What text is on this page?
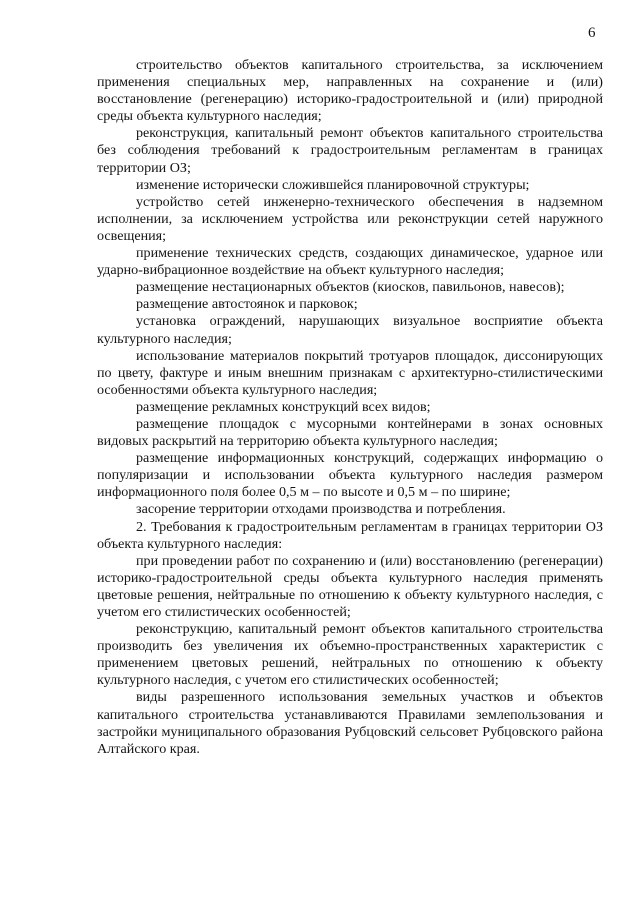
6

строительство объектов капитального строительства, за исключением применения специальных мер, направленных на сохранение и (или) восстановление (регенерацию) историко-градостроительной и (или) природной среды объекта культурного наследия;

реконструкция, капитальный ремонт объектов капитального строительства без соблюдения требований к градостроительным регламентам в границах территории ОЗ;

изменение исторически сложившейся планировочной структуры;

устройство сетей инженерно-технического обеспечения в надземном исполнении, за исключением устройства или реконструкции сетей наружного освещения;

применение технических средств, создающих динамическое, ударное или ударно-вибрационное воздействие на объект культурного наследия;

размещение нестационарных объектов (киосков, павильонов, навесов);

размещение автостоянок и парковок;

установка ограждений, нарушающих визуальное восприятие объекта культурного наследия;

использование материалов покрытий тротуаров площадок, диссонирующих по цвету, фактуре и иным внешним признакам с архитектурно-стилистическими особенностями объекта культурного наследия;

размещение рекламных конструкций всех видов;

размещение площадок с мусорными контейнерами в зонах основных видовых раскрытий на территорию объекта культурного наследия;

размещение информационных конструкций, содержащих информацию о популяризации и использовании объекта культурного наследия размером информационного поля более 0,5 м – по высоте и 0,5 м – по ширине;

засорение территории отходами производства и потребления.

2. Требования к градостроительным регламентам в границах территории ОЗ объекта культурного наследия:

при проведении работ по сохранению и (или) восстановлению (регенерации) историко-градостроительной среды объекта культурного наследия применять цветовые решения, нейтральные по отношению к объекту культурного наследия, с учетом его стилистических особенностей;

реконструкцию, капитальный ремонт объектов капитального строительства производить без увеличения их объемно-пространственных характеристик с применением цветовых решений, нейтральных по отношению к объекту культурного наследия, с учетом его стилистических особенностей;

виды разрешенного использования земельных участков и объектов капитального строительства устанавливаются Правилами землепользования и застройки муниципального образования Рубцовский сельсовет Рубцовского района Алтайского края.
